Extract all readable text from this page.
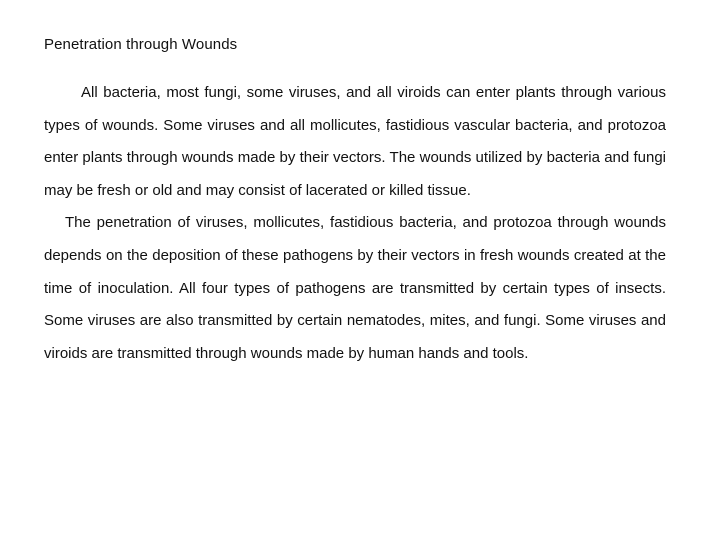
Penetration through Wounds

All bacteria, most fungi, some viruses, and all viroids can enter plants through various types of wounds. Some viruses and all mollicutes, fastidious vascular bacteria, and protozoa enter plants through wounds made by their vectors. The wounds utilized by bacteria and fungi may be fresh or old and may consist of lacerated or killed tissue.

The penetration of viruses, mollicutes, fastidious bacteria, and protozoa through wounds depends on the deposition of these pathogens by their vectors in fresh wounds created at the time of inoculation. All four types of pathogens are transmitted by certain types of insects. Some viruses are also transmitted by certain nematodes, mites, and fungi. Some viruses and viroids are transmitted through wounds made by human hands and tools.
